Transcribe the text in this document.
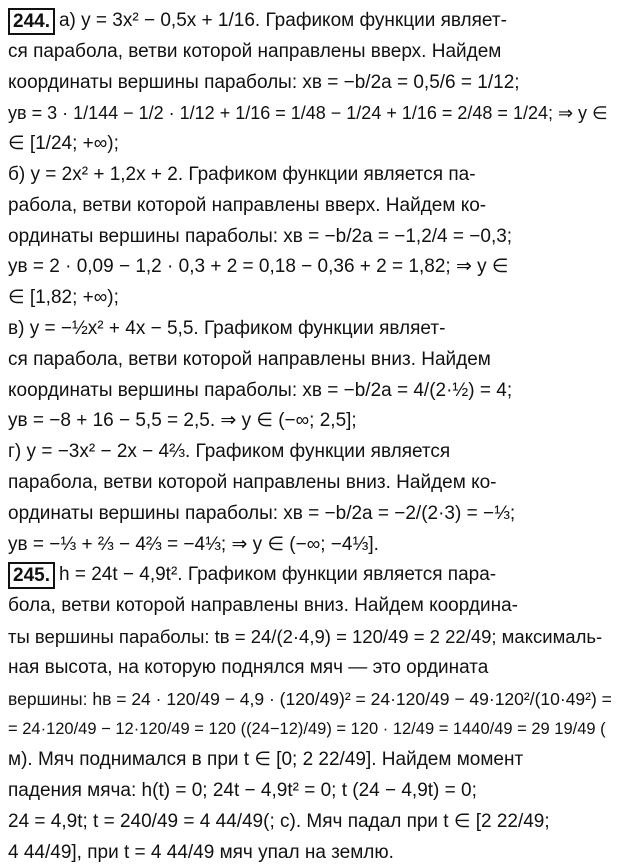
244. а) y = 3x² − 0,5x + 1/16. Графиком функции являет-
ся парабола, ветви которой направлены вверх. Найдем
координаты вершины параболы: xв = −b/2a = 0,5/6 = 1/12;
yв = 3 · 1/144 − 1/2 · 1/12 + 1/16 = 1/48 − 1/24 + 1/16 = 2/48 = 1/24; ⇒ y ∈
∈ [1/24; +∞);
б) y = 2x² + 1,2x + 2. Графиком функции является па-
рабола, ветви которой направлены вверх. Найдем ко-
ординаты вершины параболы: xв = −b/2a = −1,2/4 = −0,3;
yв = 2 · 0,09 − 1,2 · 0,3 + 2 = 0,18 − 0,36 + 2 = 1,82; ⇒ y ∈
∈ [1,82; +∞);
в) y = −½x² + 4x − 5,5. Графиком функции являет-
ся парабола, ветви которой направлены вниз. Найдем
координаты вершины параболы: xв = −b/2a = 4/(2·½) = 4;
yв = −8 + 16 − 5,5 = 2,5. ⇒ y ∈ (−∞; 2,5];
г) y = −3x² − 2x − 4⅔. Графиком функции является
парабола, ветви которой направлены вниз. Найдем ко-
ординаты вершины параболы: xв = −b/2a = −2/(2·3) = −⅓;
yв = −⅓ + ⅔ − 4⅔ = −4⅓; ⇒ y ∈ (−∞; −4⅓].
245. h = 24t − 4,9t². Графиком функции является пара-
бола, ветви которой направлены вниз. Найдем координа-
ты вершины параболы: tв = 24/(2·4,9) = 120/49 = 2 22/49; максималь-
ная высота, на которую поднялся мяч — это ордината
вершины: hв = 24 · 120/49 − 4,9 · (120/49)² = 24·120/49 − 49·120²/(10·49²) =
= 24·120/49 − 12·120/49 = 120 ((24−12)/49) = 120 · 12/49 = 1440/49 = 29 19/49 (
м). Мяч поднимался в при t ∈ [0; 2 22/49]. Найдем момент
падения мяча: h(t) = 0; 24t − 4,9t² = 0; t (24 − 4,9t) = 0;
24 = 4,9t; t = 240/49 = 4 44/49(; с). Мяч падал при t ∈ [2 22/49;
4 44/49], при t = 4 44/49 мяч упал на землю.
